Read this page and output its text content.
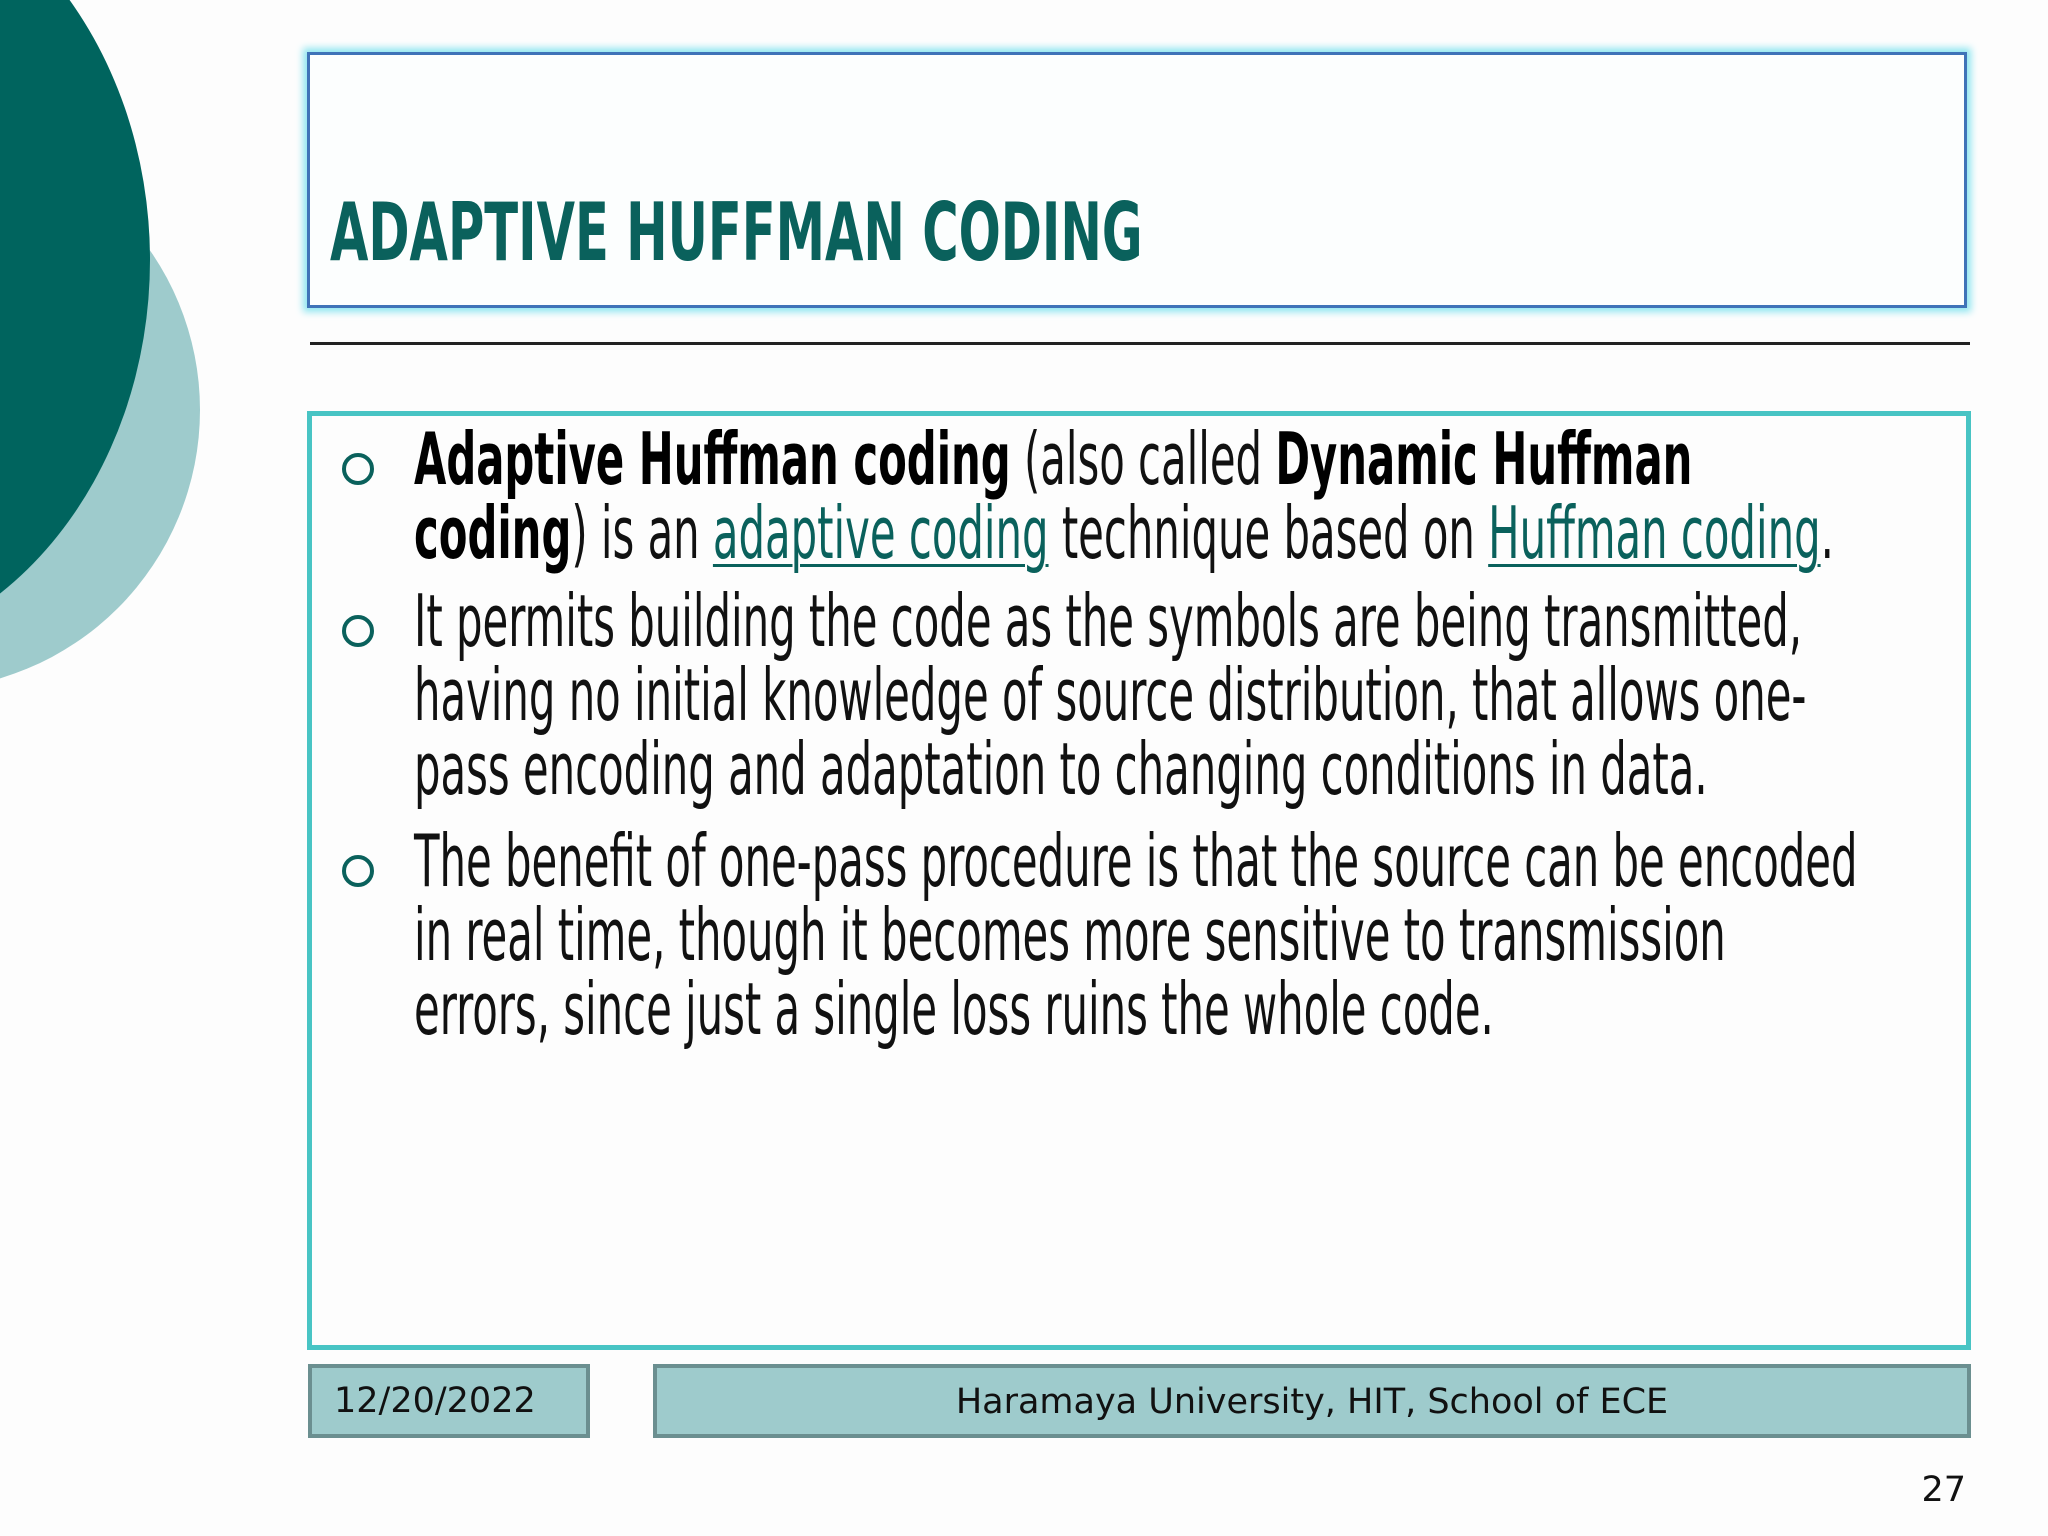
ADAPTIVE HUFFMAN CODING
Adaptive Huffman coding (also called Dynamic Huffman coding) is an adaptive coding technique based on Huffman coding.
It permits building the code as the symbols are being transmitted, having no initial knowledge of source distribution, that allows one-pass encoding and adaptation to changing conditions in data.
The benefit of one-pass procedure is that the source can be encoded in real time, though it becomes more sensitive to transmission errors, since just a single loss ruins the whole code.
12/20/2022	Haramaya University, HIT, School of ECE
27
